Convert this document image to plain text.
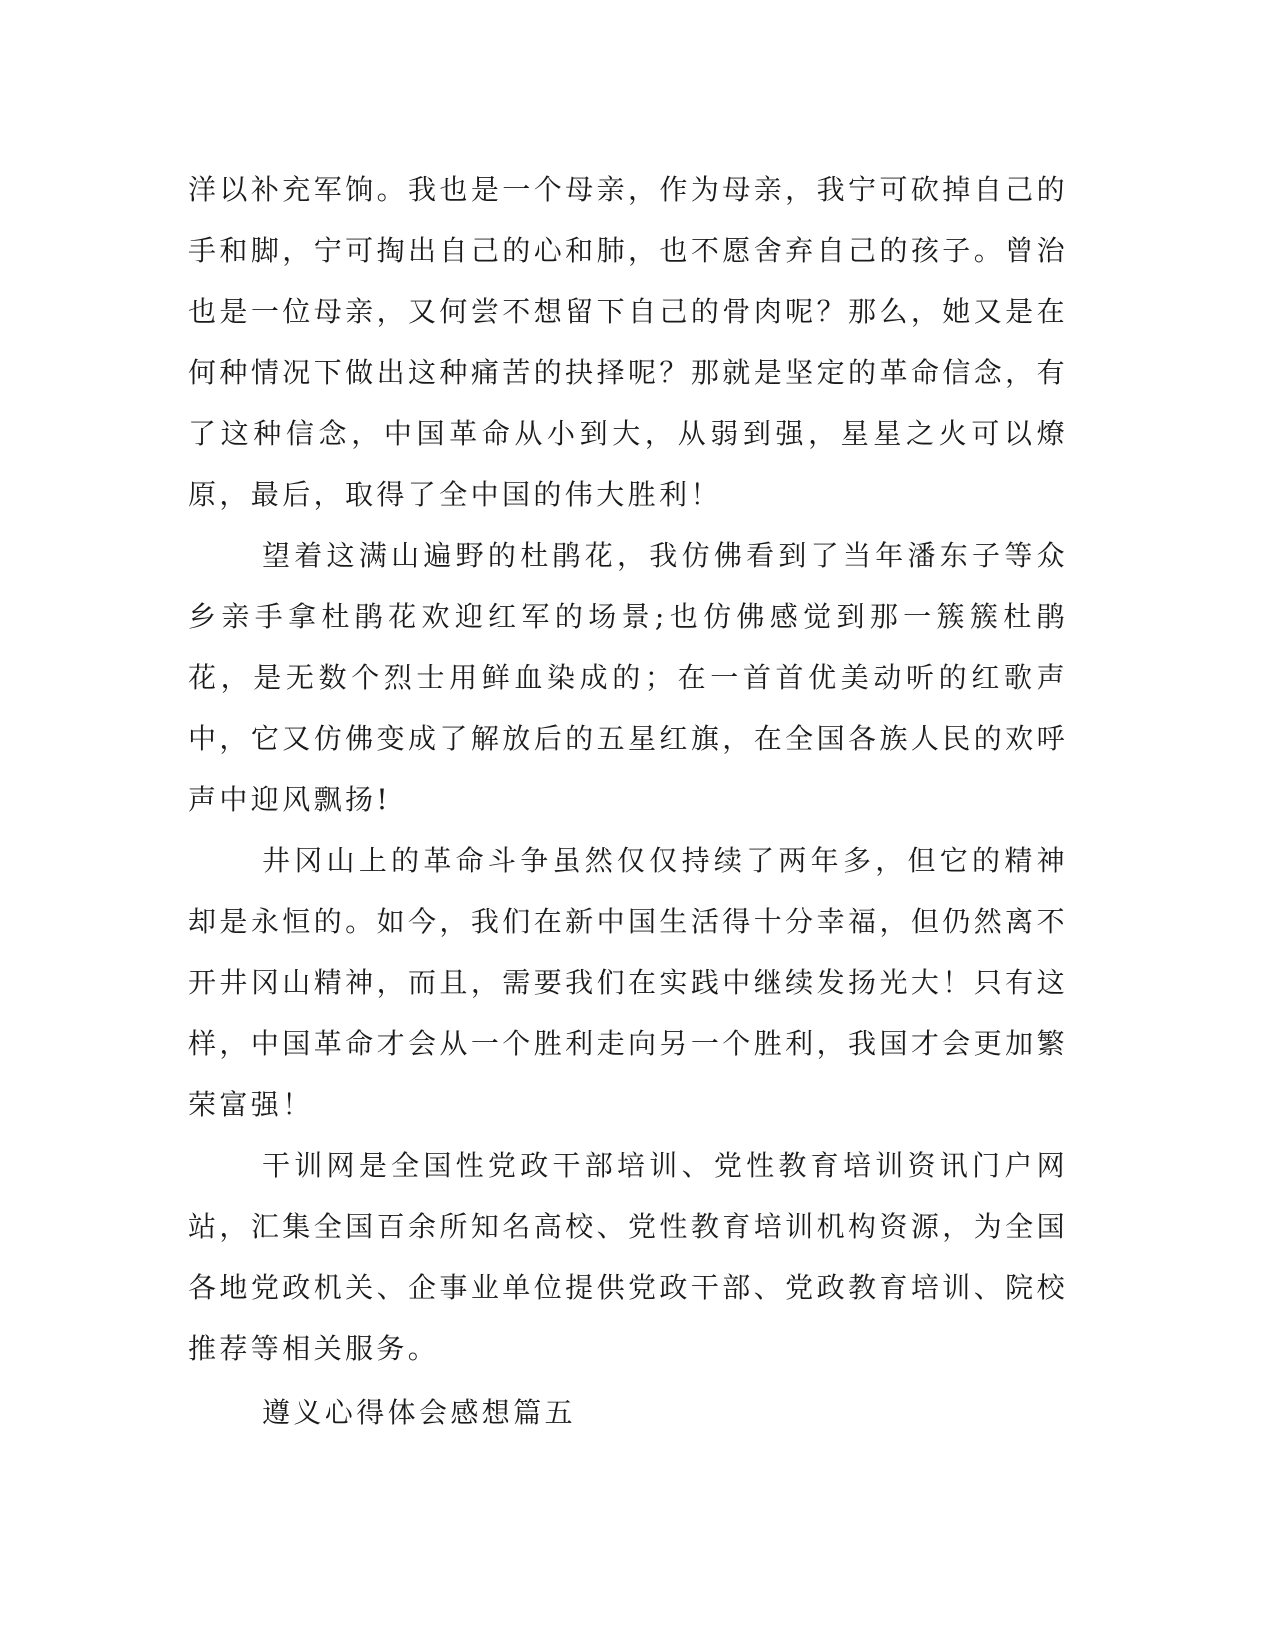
洋以补充军饷。我也是一个母亲，作为母亲，我宁可砍掉自己的手和脚，宁可掏出自己的心和肺，也不愿舍弃自己的孩子。曾治也是一位母亲，又何尝不想留下自己的骨肉呢？那么，她又是在何种情况下做出这种痛苦的抉择呢？那就是坚定的革命信念，有了这种信念，中国革命从小到大，从弱到强，星星之火可以燎原，最后，取得了全中国的伟大胜利！

望着这满山遍野的杜鹃花，我仿佛看到了当年潘东子等众乡亲手拿杜鹃花欢迎红军的场景;也仿佛感觉到那一簇簇杜鹃花，是无数个烈士用鲜血染成的；在一首首优美动听的红歌声中，它又仿佛变成了解放后的五星红旗，在全国各族人民的欢呼声中迎风飘扬!

井冈山上的革命斗争虽然仅仅持续了两年多，但它的精神却是永恒的。如今，我们在新中国生活得十分幸福，但仍然离不开井冈山精神，而且，需要我们在实践中继续发扬光大！只有这样，中国革命才会从一个胜利走向另一个胜利，我国才会更加繁荣富强！

干训网是全国性党政干部培训、党性教育培训资讯门户网站，汇集全国百余所知名高校、党性教育培训机构资源，为全国各地党政机关、企事业单位提供党政干部、党政教育培训、院校推荐等相关服务。

遵义心得体会感想篇五
